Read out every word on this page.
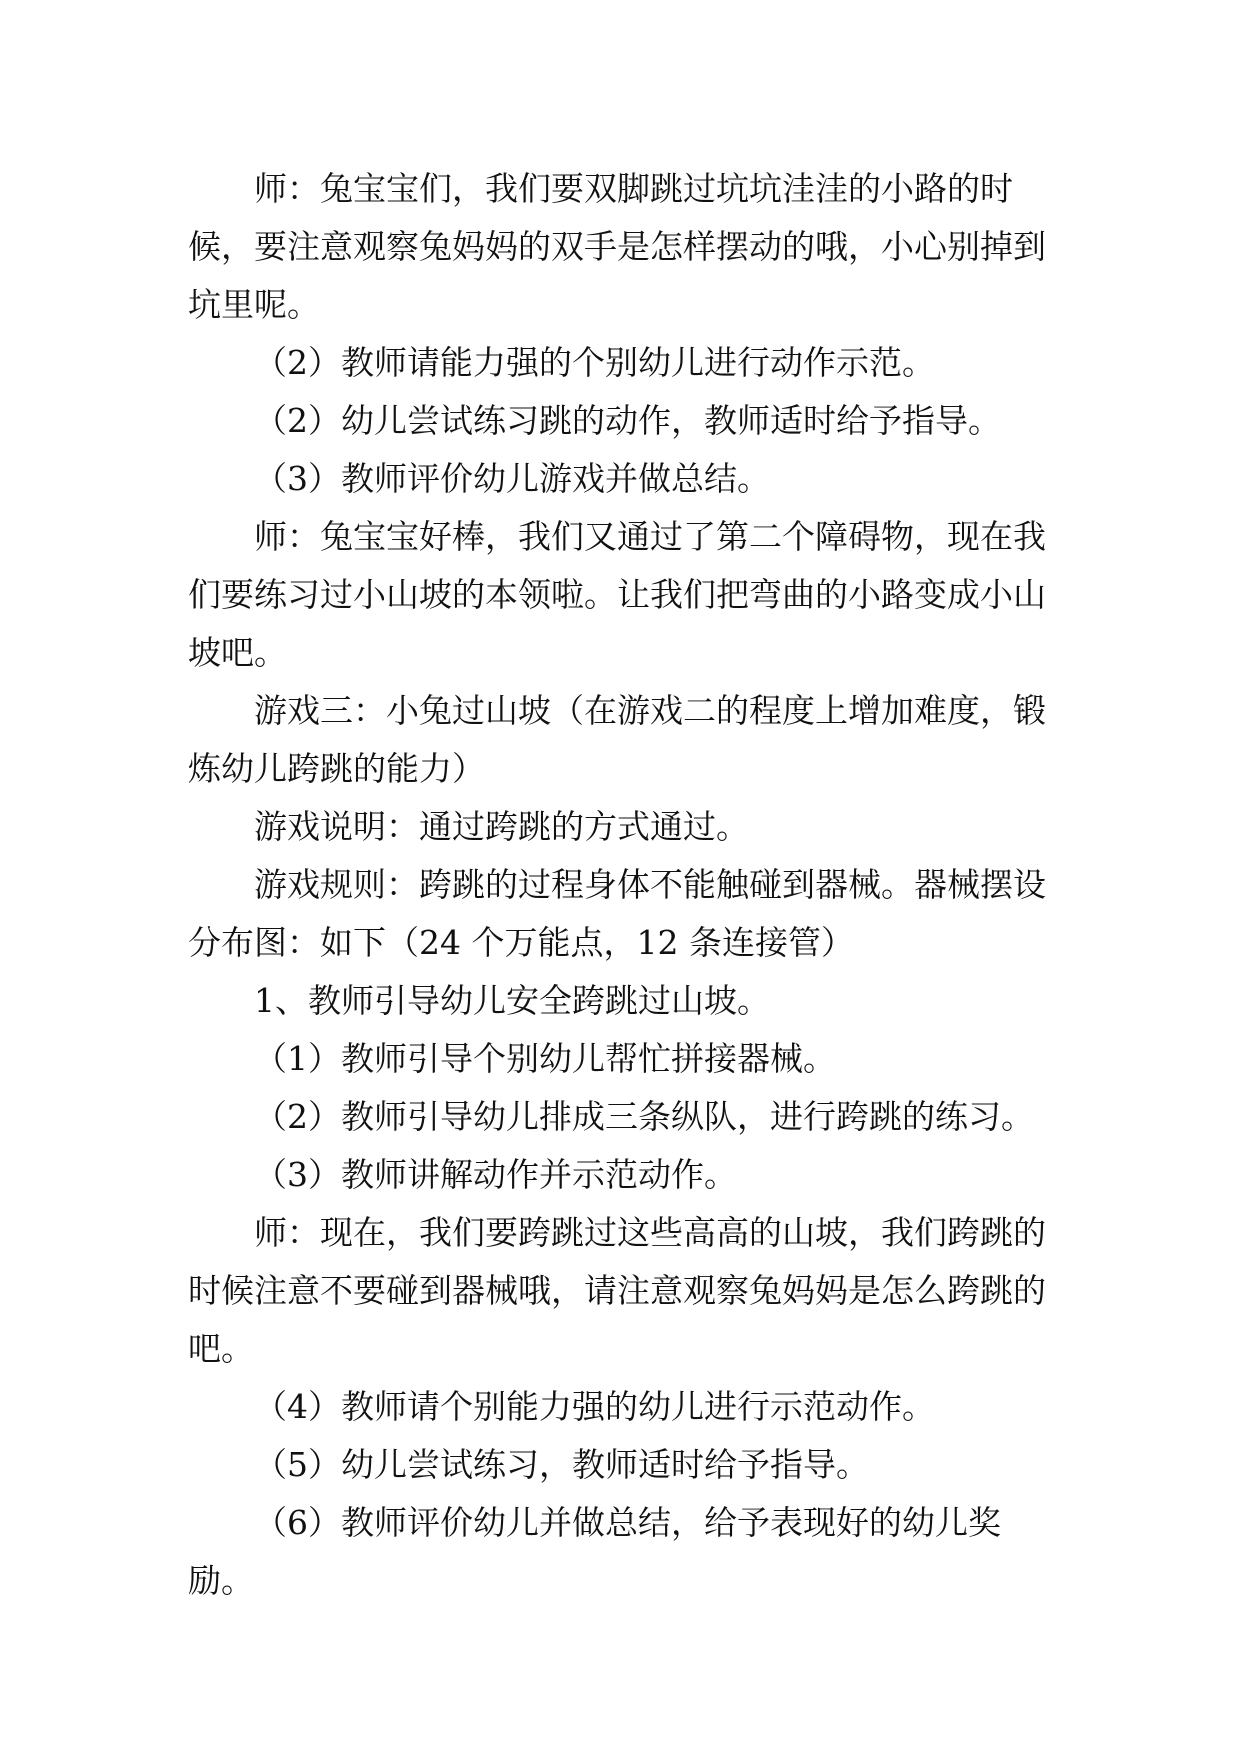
师：兔宝宝们，我们要双脚跳过坑坑洼洼的小路的时候，要注意观察兔妈妈的双手是怎样摆动的哦，小心别掉到坑里呢。

（2）教师请能力强的个别幼儿进行动作示范。

（2）幼儿尝试练习跳的动作，教师适时给予指导。

（3）教师评价幼儿游戏并做总结。

师：兔宝宝好棒，我们又通过了第二个障碍物，现在我们要练习过小山坡的本领啦。让我们把弯曲的小路变成小山坡吧。

游戏三：小兔过山坡（在游戏二的程度上增加难度，锻炼幼儿跨跳的能力）

游戏说明：通过跨跳的方式通过。

游戏规则：跨跳的过程身体不能触碰到器械。器械摆设分布图：如下（24 个万能点，12 条连接管）

1、教师引导幼儿安全跨跳过山坡。

（1）教师引导个别幼儿帮忙拼接器械。

（2）教师引导幼儿排成三条纵队，进行跨跳的练习。

（3）教师讲解动作并示范动作。

师：现在，我们要跨跳过这些高高的山坡，我们跨跳的时候注意不要碰到器械哦，请注意观察兔妈妈是怎么跨跳的吧。

（4）教师请个别能力强的幼儿进行示范动作。

（5）幼儿尝试练习，教师适时给予指导。

（6）教师评价幼儿并做总结，给予表现好的幼儿奖励。
